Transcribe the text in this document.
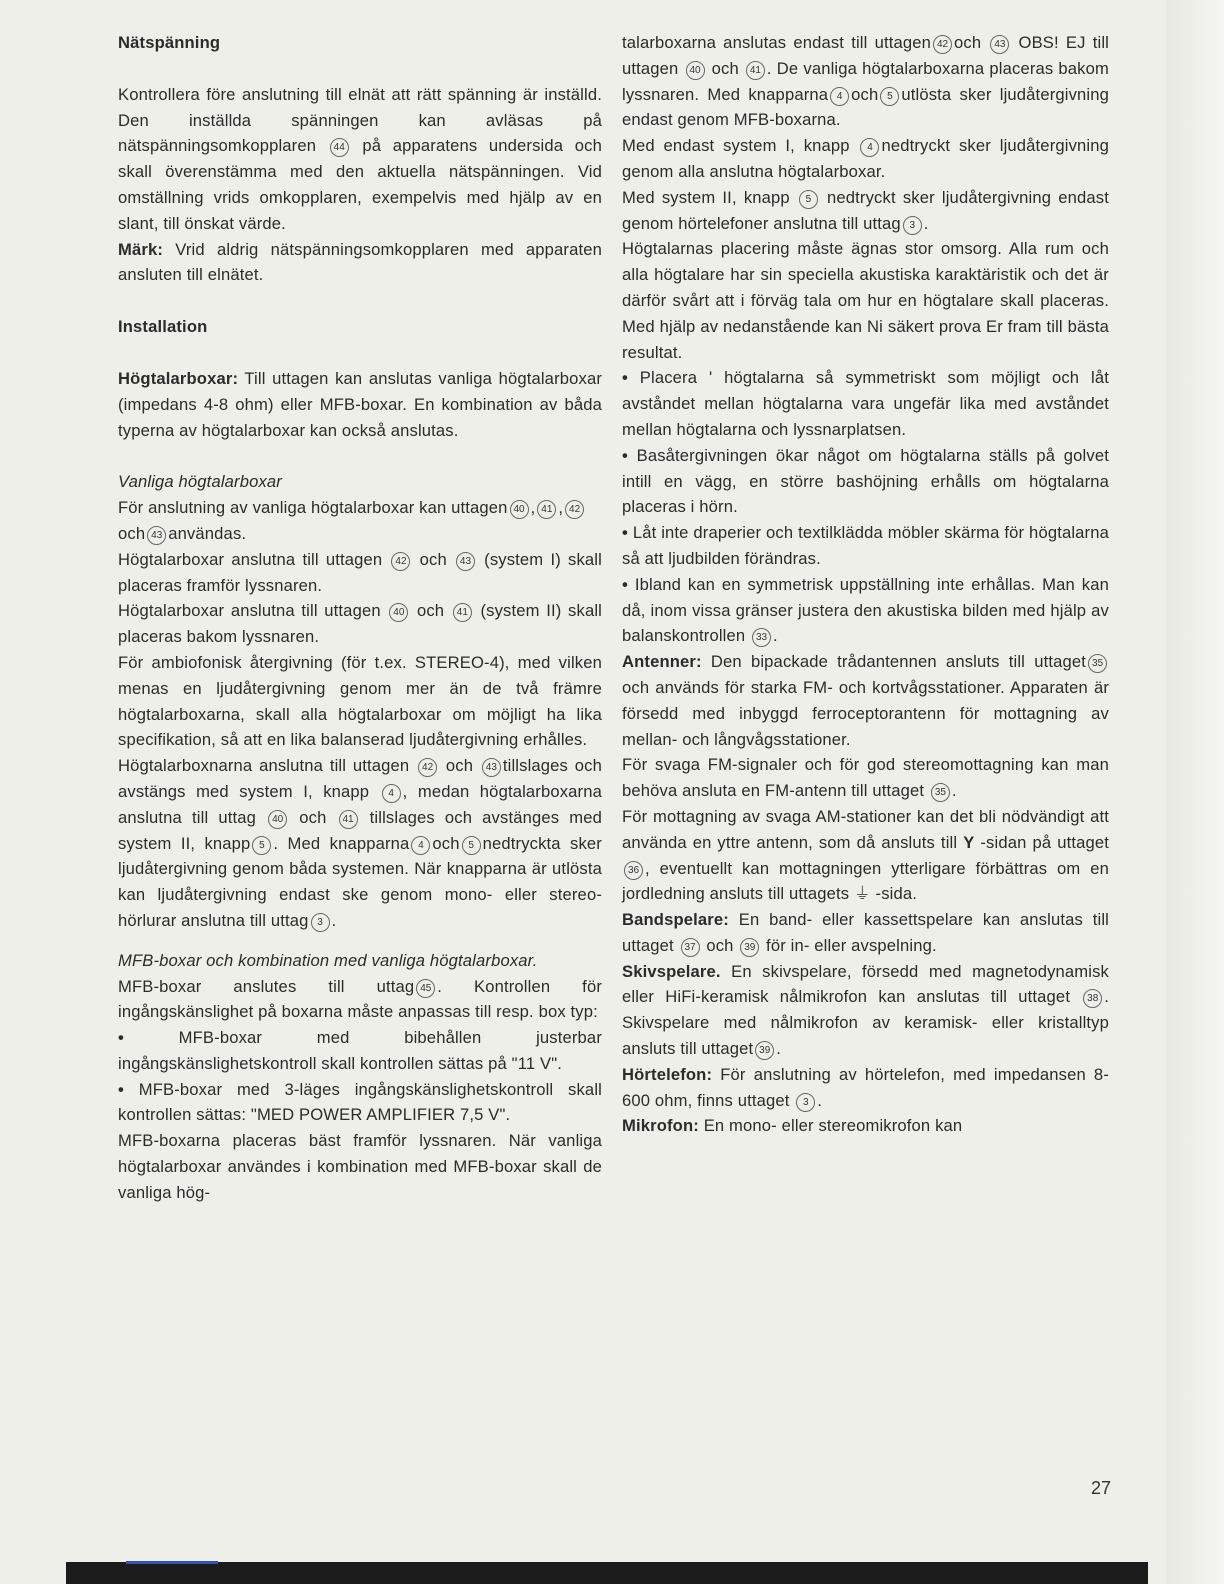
Nätspänning

Kontrollera före anslutning till elnät att rätt spänning är inställd. Den inställda spänningen kan avläsas på nätspänningsomkopplaren 44 på apparatens undersida och skall överenstämma med den aktuella nätspänningen. Vid omställning vrids omkopplaren, exempelvis med hjälp av en slant, till önskat värde.

Märk: Vrid aldrig nätspänningsomkopplaren med apparaten ansluten till elnätet.

Installation

Högtalarboxar: Till uttagen kan anslutas vanliga högtalarboxar (impedans 4-8 ohm) eller MFB-boxar. En kombination av båda typerna av högtalarboxar kan också anslutas.

Vanliga högtalarboxar

För anslutning av vanliga högtalarboxar kan uttagen 40 , 41 , 42och 43 användas.

Högtalarboxar anslutna till uttagen 42 och 43 (system I) skall placeras framför lyssnaren.

Högtalarboxar anslutna till uttagen 40 och 41 (system II) skall placeras bakom lyssnaren.

För ambiofonisk återgivning (för t.ex. STEREO-4), med vilken menas en ljudåtergivning genom mer än de två främre högtalarboxarna, skall alla högtalarboxar om möjligt ha lika specifikation, så att en lika balanserad ljudåtergivning erhålles.

Högtalarboxnarna anslutna till uttagen 42 och 43 tillslages och avstängs med system I, knapp 4 , medan högtalarboxarna anslutna till uttag 40 och 41 tillslages och avstänges med system II, knapp 5 . Med knapparna 4 och 5 nedtryckta sker ljudåtergivning genom båda systemen. När knapparna är utlösta kan ljudåtergivning endast ske genom mono- eller stereo-hörlurar anslutna till uttag 3 .

MFB-boxar och kombination med vanliga högtalarboxar.

MFB-boxar anslutes till uttag 45 . Kontrollen för ingångskänslighet på boxarna måste anpassas till resp. box typ:

• MFB-boxar med bibehållen justerbar ingångskänslighetskontroll skall kontrollen sättas på "11 V".

• MFB-boxar med 3-läges ingångskänslighetskontroll skall kontrollen sättas: "MED POWER AMPLIFIER 7,5 V".

MFB-boxarna placeras bäst framför lyssnaren. När vanliga högtalarboxar användes i kombination med MFB-boxar skall de vanliga hög-

talarboxarna anslutas endast till uttagen 42 och 43 OBS! EJ till uttagen 40 och 41 . De vanliga högtalarboxarna placeras bakom lyssnaren. Med knapparna 4 och 5 utlösta sker ljudåtergivning endast genom MFB-boxarna.

Med endast system I, knapp 4 nedtryckt sker ljudåtergivning genom alla anslutna högtalarboxar.

Med system II, knapp 5 nedtryckt sker ljudåtergivning endast genom hörtelefoner anslutna till uttag 3 .

Högtalarnas placering måste ägnas stor omsorg. Alla rum och alla högtalare har sin speciella akustiska karaktäristik och det är därför svårt att i förväg tala om hur en högtalare skall placeras. Med hjälp av nedanstående kan Ni säkert prova Er fram till bästa resultat.

• Placera ' högtalarna så symmetriskt som möjligt och låt avståndet mellan högtalarna vara ungefär lika med avståndet mellan högtalarna och lyssnarplatsen.

• Basåtergivningen ökar något om högtalarna ställs på golvet intill en vägg, en större bashöjning erhålls om högtalarna placeras i hörn.

• Låt inte draperier och textilklädda möbler skärma för högtalarna så att ljudbilden förändras.

• Ibland kan en symmetrisk uppställning inte erhållas. Man kan då, inom vissa gränser justera den akustiska bilden med hjälp av balanskontrollen 33 .

Antenner: Den bipackade trådantennen ansluts till uttaget 35 och används för starka FM- och kortvågsstationer. Apparaten är försedd med inbyggd ferroceptorantenn för mottagning av mellan- och långvågsstationer.

För svaga FM-signaler och för god stereomottagning kan man behöva ansluta en FM-antenn till uttaget 35 .

För mottagning av svaga AM-stationer kan det bli nödvändigt att använda en yttre antenn, som då ansluts till Y -sidan på uttaget 36 , eventuellt kan mottagningen ytterligare förbättras om en jordledning ansluts till uttagets ⏚ -sida.

Bandspelare: En band- eller kassettspelare kan anslutas till uttaget 37 och 39 för in- eller avspelning.

Skivspelare. En skivspelare, försedd med magnetodynamisk eller HiFi-keramisk nålmikrofon kan anslutas till uttaget 38 . Skivspelare med nålmikrofon av keramisk- eller kristalltyp ansluts till uttaget 39 .

Hörtelefon: För anslutning av hörtelefon, med impedansen 8-600 ohm, finns uttaget 3 .

Mikrofon: En mono- eller stereomikrofon kan

27
